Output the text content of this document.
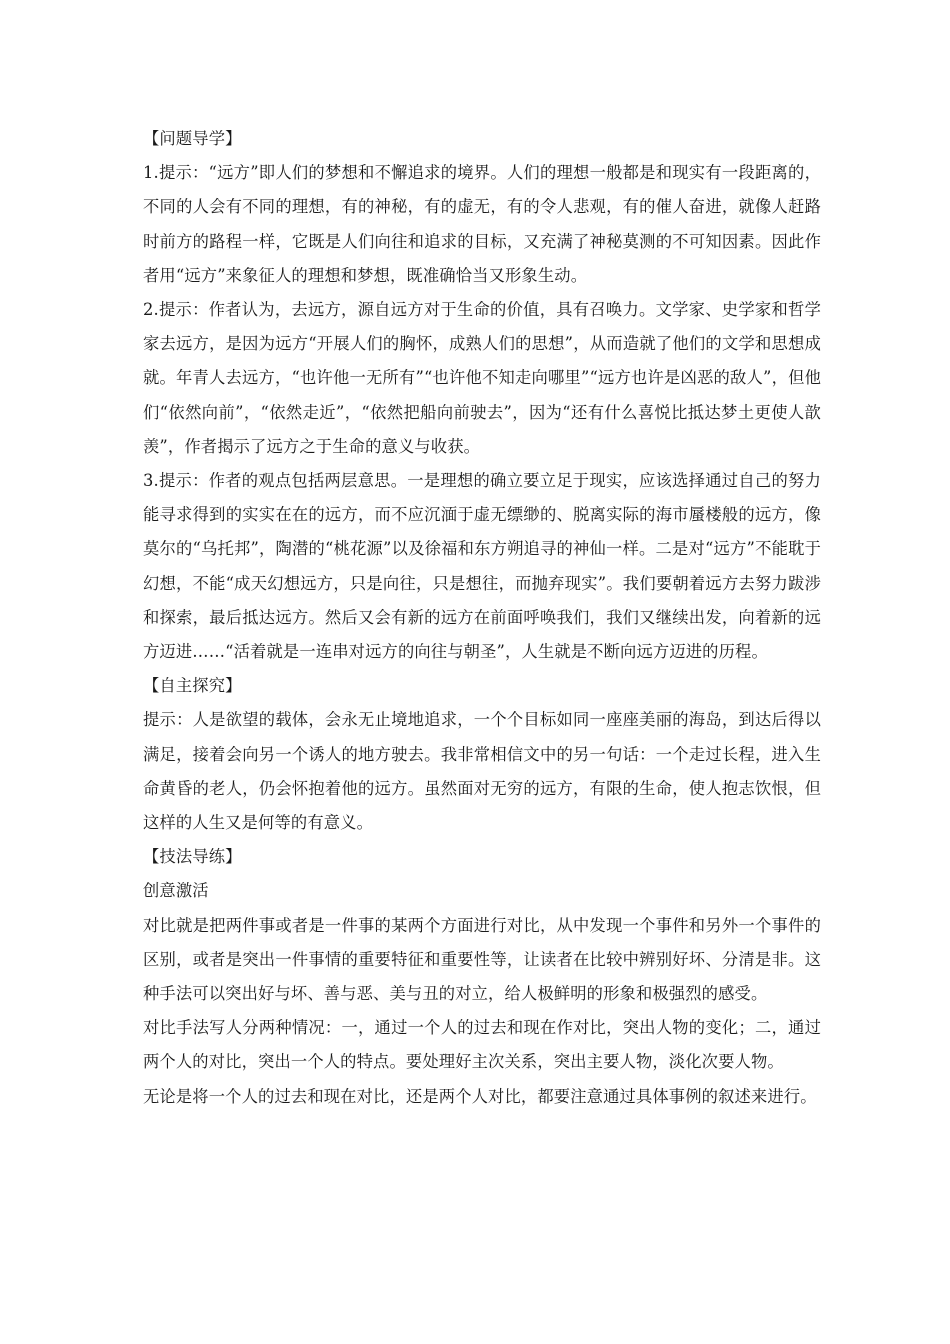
【问题导学】

1.提示：“远方”即人们的梦想和不懈追求的境界。人们的理想一般都是和现实有一段距离的，不同的人会有不同的理想，有的神秘，有的虚无，有的令人悲观，有的催人奋进，就像人赶路时前方的路程一样，它既是人们向往和追求的目标，又充满了神秘莫测的不可知因素。因此作者用“远方”来象征人的理想和梦想，既准确恰当又形象生动。

2.提示：作者认为，去远方，源自远方对于生命的价值，具有召唤力。文学家、史学家和哲学家去远方，是因为远方“开展人们的胸怀，成熟人们的思想”，从而造就了他们的文学和思想成就。年青人去远方，“也许他一无所有”“也许他不知走向哪里”“远方也许是凶恶的敌人”，但他们“依然向前”，“依然走近”，“依然把船向前驶去”，因为“还有什么喜悦比抵达梦土更使人歆羡”，作者揭示了远方之于生命的意义与收获。

3.提示：作者的观点包括两层意思。一是理想的确立要立足于现实，应该选择通过自己的努力能寻求得到的实实在在的远方，而不应沉湎于虚无缥缈的、脱离实际的海市蜃楼般的远方，像莫尔的“乌托邦”，陶潜的“桃花源”以及徐福和东方朔追寻的神仙一样。二是对“远方”不能耽于幻想，不能“成天幻想远方，只是向往，只是想往，而抛弃现实”。我们要朝着远方去努力跋涉和探索，最后抵达远方。然后又会有新的远方在前面呼唤我们，我们又继续出发，向着新的远方迈进……“活着就是一连串对远方的向往与朝圣”，人生就是不断向远方迈进的历程。

【自主探究】

提示：人是欲望的载体，会永无止境地追求，一个个目标如同一座座美丽的海岛，到达后得以满足，接着会向另一个诱人的地方驶去。我非常相信文中的另一句话：一个走过长程，进入生命黄昏的老人，仍会怀抱着他的远方。虽然面对无穷的远方，有限的生命，使人抱志饮恨，但这样的人生又是何等的有意义。

【技法导练】

创意激活

对比就是把两件事或者是一件事的某两个方面进行对比，从中发现一个事件和另外一个事件的区别，或者是突出一件事情的重要特征和重要性等，让读者在比较中辨别好坏、分清是非。这种手法可以突出好与坏、善与恶、美与丑的对立，给人极鲜明的形象和极强烈的感受。

对比手法写人分两种情况：一，通过一个人的过去和现在作对比，突出人物的变化；二，通过两个人的对比，突出一个人的特点。要处理好主次关系，突出主要人物，淡化次要人物。

无论是将一个人的过去和现在对比，还是两个人对比，都要注意通过具体事例的叙述来进行。
